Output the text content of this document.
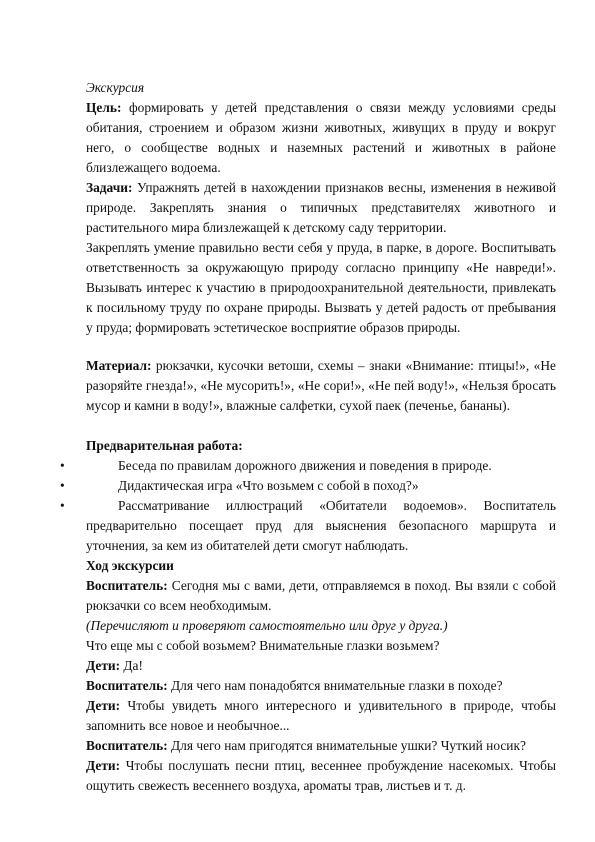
Экскурсия

Цель: формировать у детей представления о связи между условиями среды обитания, строением и образом жизни животных, живущих в пруду и вокруг него, о сообществе водных и наземных растений и животных в районе близлежащего водоема.

Задачи: Упражнять детей в нахождении признаков весны, изменения в неживой природе. Закреплять знания о типичных представителях животного и растительного мира близлежащей к детскому саду территории.

Закреплять умение правильно вести себя у пруда, в парке, в дороге. Воспитывать ответственность за окружающую природу согласно принципу «Не навреди!». Вызывать интерес к участию в природоохранительной деятельности, привлекать к посильному труду по охране природы. Вызвать у детей радость от пребывания у пруда; формировать эстетическое восприятие образов природы.

Материал: рюкзачки, кусочки ветоши, схемы – знаки «Внимание: птицы!», «Не разоряйте гнезда!», «Не мусорить!», «Не сори!», «Не пей воду!», «Нельзя бросать мусор и камни в воду!», влажные салфетки, сухой паек (печенье, бананы).

Предварительная работа:

•	Беседа по правилам дорожного движения и поведения в природе.
•	Дидактическая игра «Что возьмем с собой в поход?»
•	Рассматривание иллюстраций «Обитатели водоемов». Воспитатель

предварительно посещает пруд для выяснения безопасного маршрута и уточнения, за кем из обитателей дети смогут наблюдать.

Ход экскурсии

Воспитатель: Сегодня мы с вами, дети, отправляемся в поход. Вы взяли с собой рюкзачки со всем необходимым.

(Перечисляют и проверяют самостоятельно или друг у друга.)

Что еще мы с собой возьмем? Внимательные глазки возьмем?

Дети: Да!

Воспитатель: Для чего нам понадобятся внимательные глазки в походе?

Дети: Чтобы увидеть много интересного и удивительного в природе, чтобы запомнить все новое и необычное...

Воспитатель: Для чего нам пригодятся внимательные ушки? Чуткий носик?

Дети: Чтобы послушать песни птиц, весеннее пробуждение насекомых. Чтобы ощутить свежесть весеннего воздуха, ароматы трав, листьев и т. д.
